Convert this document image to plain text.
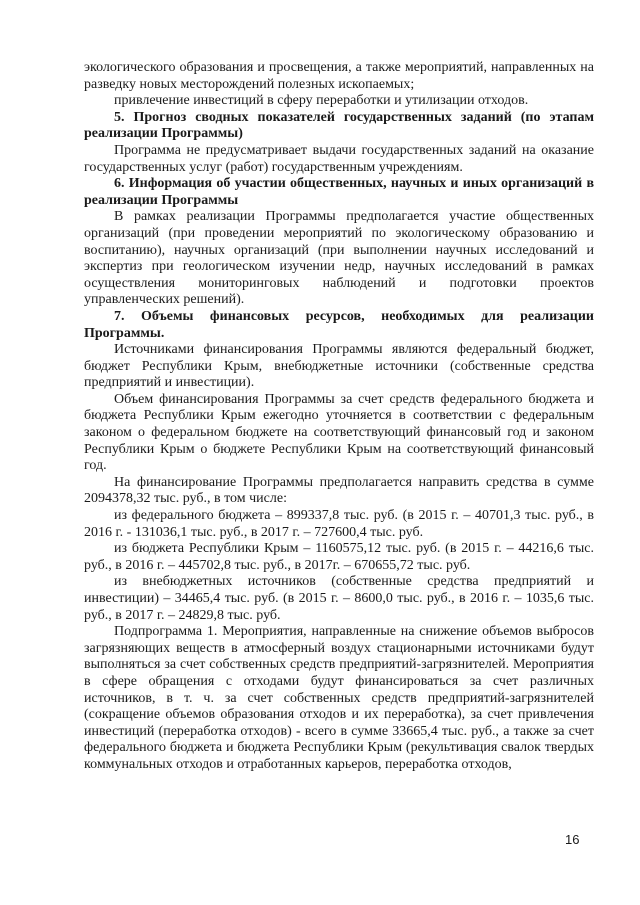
экологического образования и просвещения, а также мероприятий, направленных на разведку новых месторождений полезных ископаемых;

привлечение инвестиций в сферу переработки и утилизации отходов.

5. Прогноз сводных показателей государственных заданий (по этапам реализации Программы)

Программа не предусматривает выдачи государственных заданий на оказание государственных услуг (работ) государственным учреждениям.

6. Информация об участии общественных, научных и иных организаций в реализации Программы

В рамках реализации Программы предполагается участие общественных организаций (при проведении мероприятий по экологическому образованию и воспитанию), научных организаций (при выполнении научных исследований и экспертиз при геологическом изучении недр, научных исследований в рамках осуществления мониторинговых наблюдений и подготовки проектов управленческих решений).

7. Объемы финансовых ресурсов, необходимых для реализации Программы.

Источниками финансирования Программы являются федеральный бюджет, бюджет Республики Крым, внебюджетные источники (собственные средства предприятий и инвестиции).

Объем финансирования Программы за счет средств федерального бюджета и бюджета Республики Крым ежегодно уточняется в соответствии с федеральным законом о федеральном бюджете на соответствующий финансовый год и законом Республики Крым о бюджете Республики Крым на соответствующий финансовый год.

На финансирование Программы предполагается направить средства в сумме 2094378,32 тыс. руб., в том числе:

из федерального бюджета – 899337,8 тыс. руб. (в 2015 г. – 40701,3 тыс. руб., в 2016 г. - 131036,1 тыс. руб., в 2017 г. – 727600,4 тыс. руб.

из бюджета Республики Крым – 1160575,12 тыс. руб. (в 2015 г. – 44216,6 тыс. руб., в 2016 г. – 445702,8 тыс. руб., в 2017г. – 670655,72 тыс. руб.

из внебюджетных источников (собственные средства предприятий и инвестиции) – 34465,4 тыс. руб. (в 2015 г. – 8600,0 тыс. руб., в 2016 г. – 1035,6 тыс. руб., в 2017 г. – 24829,8 тыс. руб.

Подпрограмма 1. Мероприятия, направленные на снижение объемов выбросов загрязняющих веществ в атмосферный воздух стационарными источниками будут выполняться за счет собственных средств предприятий-загрязнителей. Мероприятия в сфере обращения с отходами будут финансироваться за счет различных источников, в т. ч. за счет собственных средств предприятий-загрязнителей (сокращение объемов образования отходов и их переработка), за счет привлечения инвестиций (переработка отходов) - всего в сумме 33665,4 тыс. руб., а также за счет федерального бюджета и бюджета Республики Крым (рекультивация свалок твердых коммунальных отходов и отработанных карьеров, переработка отходов,

16
